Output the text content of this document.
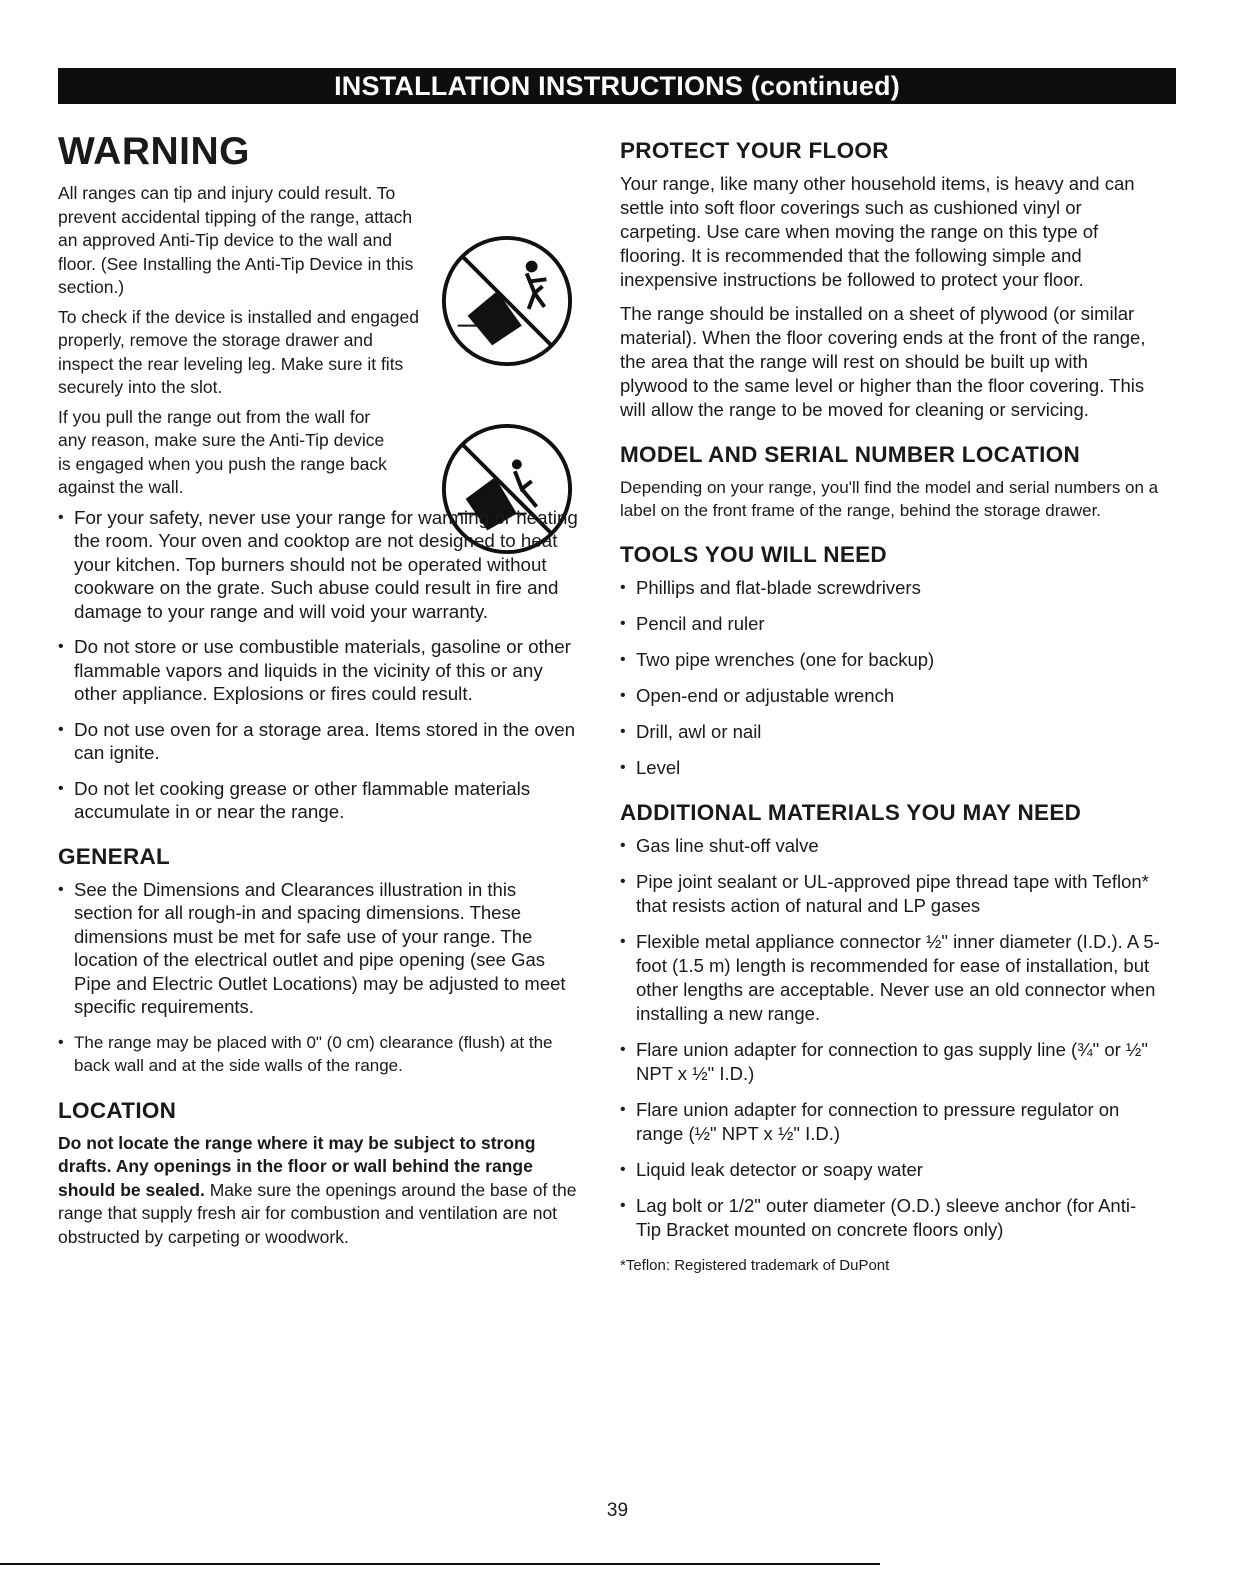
INSTALLATION INSTRUCTIONS (continued)
WARNING

All ranges can tip and injury could result. To prevent accidental tipping of the range, attach an approved Anti-Tip device to the wall and floor. (See Installing the Anti-Tip Device in this section.)

To check if the device is installed and engaged properly, remove the storage drawer and inspect the rear leveling leg. Make sure it fits securely into the slot.

If you pull the range out from the wall for any reason, make sure the Anti-Tip device is engaged when you push the range back against the wall.

• For your safety, never use your range for warming or heating the room. Your oven and cooktop are not designed to heat your kitchen. Top burners should not be operated without cookware on the grate. Such abuse could result in fire and damage to your range and will void your warranty.
• Do not store or use combustible materials, gasoline or other flammable vapors and liquids in the vicinity of this or any other appliance. Explosions or fires could result.
• Do not use oven for a storage area. Items stored in the oven can ignite.
• Do not let cooking grease or other flammable materials accumulate in or near the range.
GENERAL
• See the Dimensions and Clearances illustration in this section for all rough-in and spacing dimensions. These dimensions must be met for safe use of your range. The location of the electrical outlet and pipe opening (see Gas Pipe and Electric Outlet Locations) may be adjusted to meet specific requirements.
• The range may be placed with 0" (0 cm) clearance (flush) at the back wall and at the side walls of the range.
LOCATION

Do not locate the range where it may be subject to strong drafts. Any openings in the floor or wall behind the range should be sealed. Make sure the openings around the base of the range that supply fresh air for combustion and ventilation are not obstructed by carpeting or woodwork.

PROTECT YOUR FLOOR

Your range, like many other household items, is heavy and can settle into soft floor coverings such as cushioned vinyl or carpeting. Use care when moving the range on this type of flooring. It is recommended that the following simple and inexpensive instructions be followed to protect your floor.

The range should be installed on a sheet of plywood (or similar material). When the floor covering ends at the front of the range, the area that the range will rest on should be built up with plywood to the same level or higher than the floor covering. This will allow the range to be moved for cleaning or servicing.

MODEL AND SERIAL NUMBER LOCATION

Depending on your range, you'll find the model and serial numbers on a label on the front frame of the range, behind the storage drawer.

TOOLS YOU WILL NEED
• Phillips and flat-blade screwdrivers
• Pencil and ruler
• Two pipe wrenches (one for backup)
• Open-end or adjustable wrench
• Drill, awl or nail
• Level
ADDITIONAL MATERIALS YOU MAY NEED
• Gas line shut-off valve
• Pipe joint sealant or UL-approved pipe thread tape with Teflon* that resists action of natural and LP gases
• Flexible metal appliance connector ½" inner diameter (I.D.). A 5-foot (1.5 m) length is recommended for ease of installation, but other lengths are acceptable. Never use an old connector when installing a new range.
• Flare union adapter for connection to gas supply line (¾" or ½" NPT x ½" I.D.)
• Flare union adapter for connection to pressure regulator on range (½" NPT x ½" I.D.)
• Liquid leak detector or soapy water
• Lag bolt or 1/2" outer diameter (O.D.) sleeve anchor (for Anti-Tip Bracket mounted on concrete floors only)

*Teflon: Registered trademark of DuPont

39
